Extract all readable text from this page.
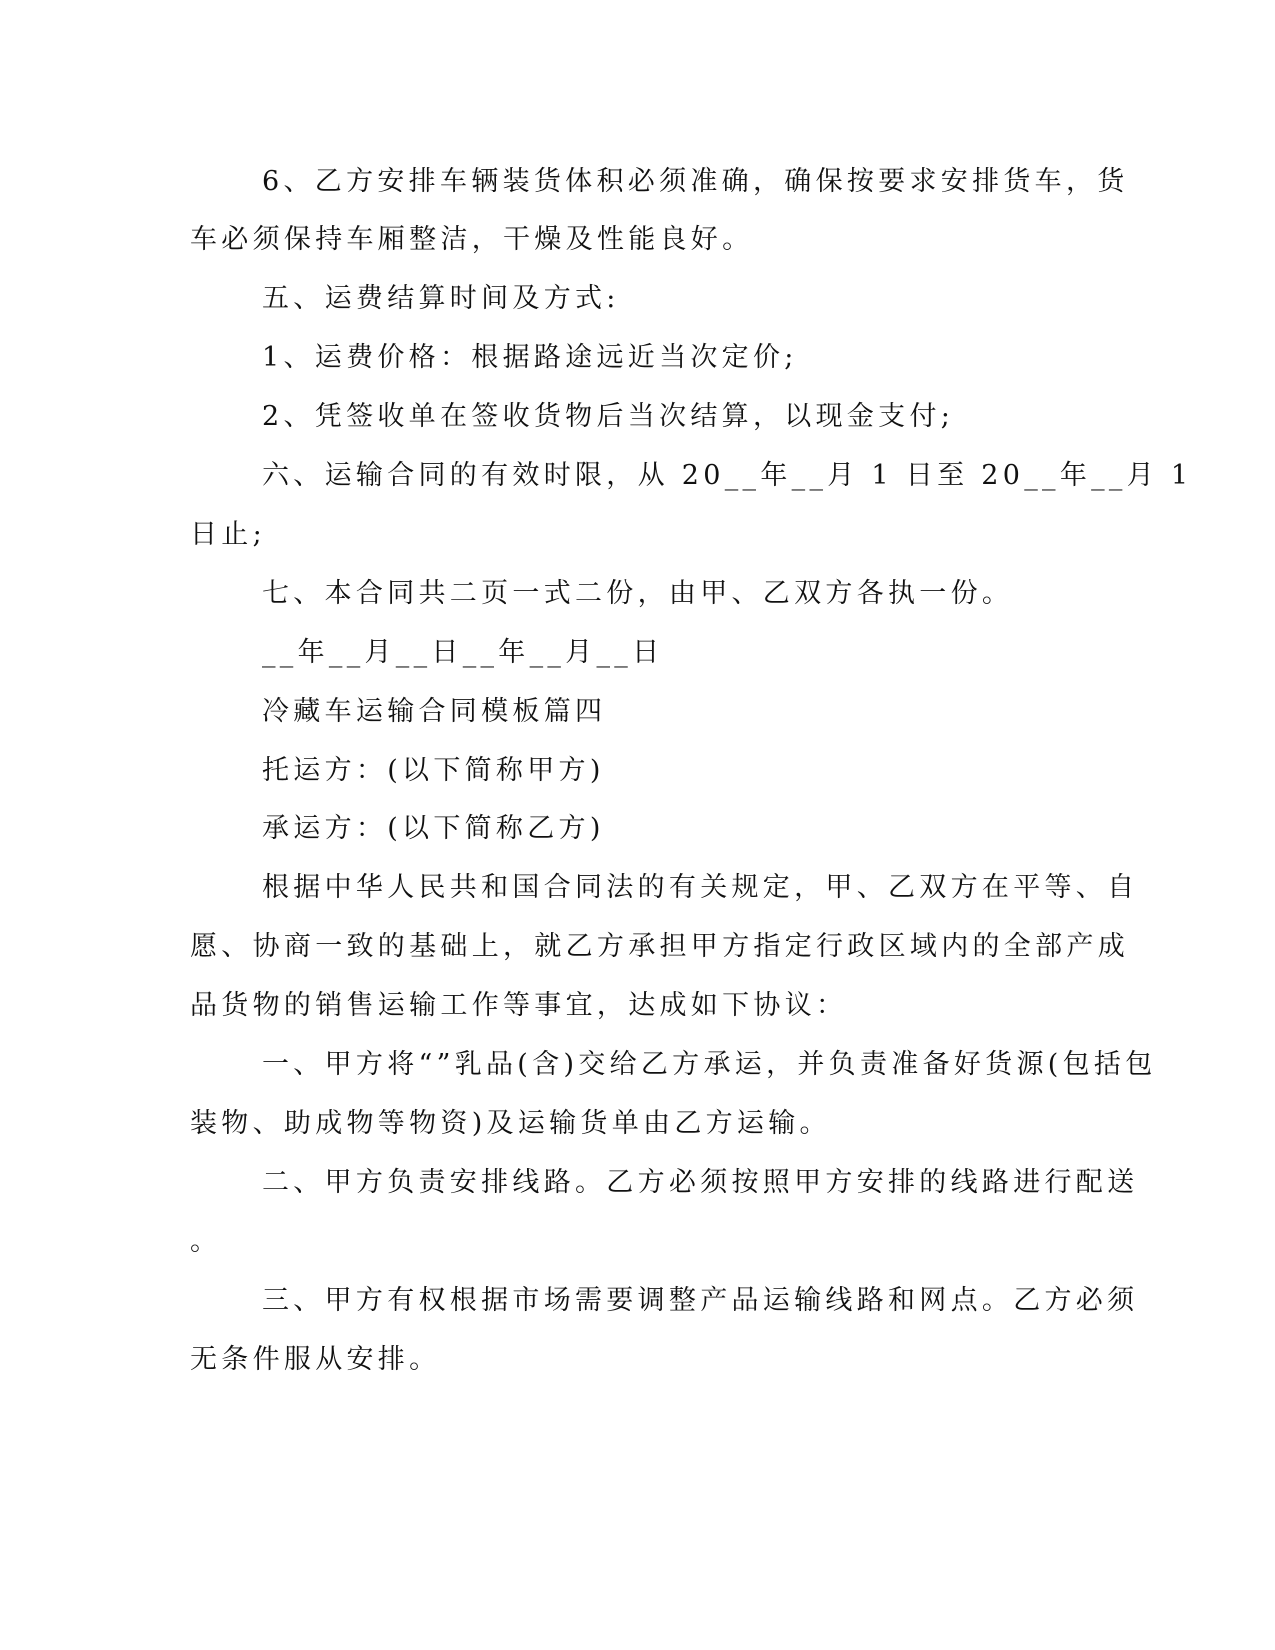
6、乙方安排车辆装货体积必须准确，确保按要求安排货车，货
车必须保持车厢整洁，干燥及性能良好。
五、运费结算时间及方式:
1、运费价格：根据路途远近当次定价;
2、凭签收单在签收货物后当次结算，以现金支付;
六、运输合同的有效时限，从 20__年__月 1 日至 20__年__月 1
日止;
七、本合同共二页一式二份，由甲、乙双方各执一份。
__年__月__日__年__月__日
冷藏车运输合同模板篇四
托运方：(以下简称甲方)
承运方：(以下简称乙方)
根据中华人民共和国合同法的有关规定，甲、乙双方在平等、自
愿、协商一致的基础上，就乙方承担甲方指定行政区域内的全部产成
品货物的销售运输工作等事宜，达成如下协议：
一、甲方将“”乳品(含)交给乙方承运，并负责准备好货源(包括包
装物、助成物等物资)及运输货单由乙方运输。
二、甲方负责安排线路。乙方必须按照甲方安排的线路进行配送
。
三、甲方有权根据市场需要调整产品运输线路和网点。乙方必须
无条件服从安排。
